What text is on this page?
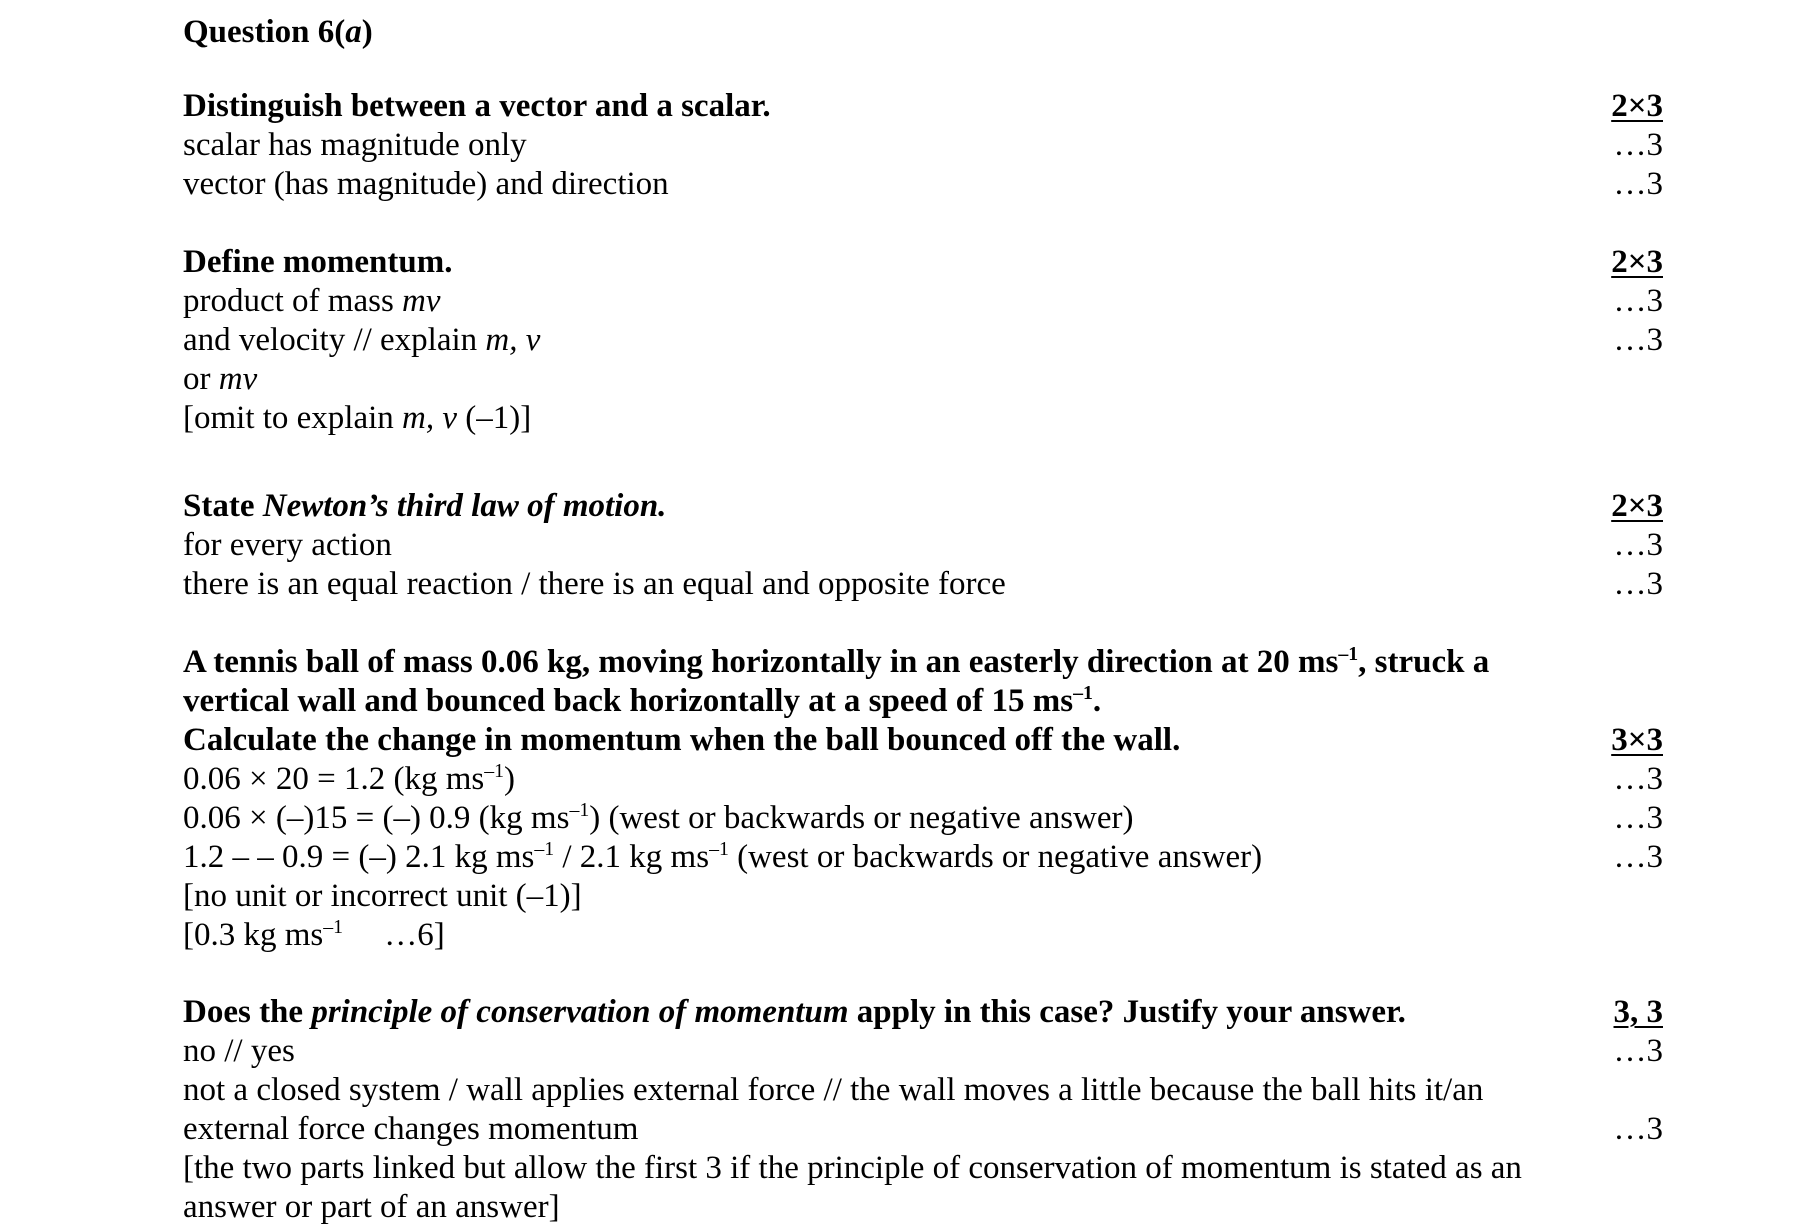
Question 6(a)
Distinguish between a vector and a scalar.	2×3
scalar has magnitude only	…3
vector (has magnitude) and direction	…3
Define momentum.	2×3
product of mass mv	…3
and velocity // explain m, v	…3
or mv
[omit to explain m, v (–1)]
State Newton’s third law of motion.	2×3
for every action	…3
there is an equal reaction / there is an equal and opposite force	…3
A tennis ball of mass 0.06 kg, moving horizontally in an easterly direction at 20 $ms^{-1}$, struck a
vertical wall and bounced back horizontally at a speed of 15 $ms^{-1}$.
Calculate the change in momentum when the ball bounced off the wall.	3×3
0.06 × 20 = 1.2 (kg $ms^{-1}$)	…3
0.06 × (–)15 = (–) 0.9 (kg $ms^{-1}$) (west or backwards or negative answer)	…3
1.2 – – 0.9 = (–) 2.1 kg $ms^{-1} / 2.1$ kg $ms^{-1}$ (west or backwards or negative answer)	…3
[no unit or incorrect unit (–1)]
[0.3 kg $ms^{-1}$     …6]
Does the principle of conservation of momentum apply in this case? Justify your answer.	3, 3
no // yes	…3
not a closed system / wall applies external force // the wall moves a little because the ball hits it/an
external force changes momentum	…3
[the two parts linked but allow the first 3 if the principle of conservation of momentum is stated as an
answer or part of an answer]
